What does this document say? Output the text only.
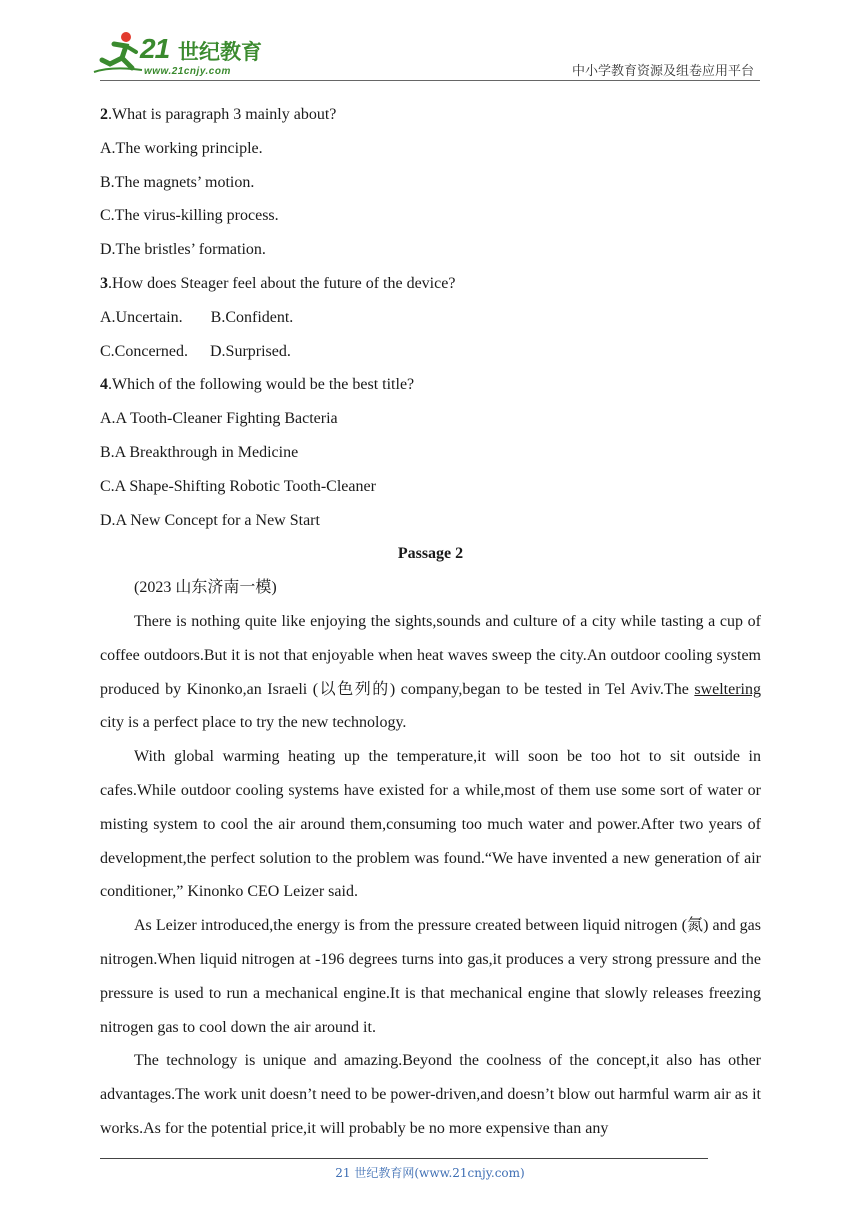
21 世纪教育
www.21cnjy.com	中小学教育资源及组卷应用平台
2.What is paragraph 3 mainly about?
A.The working principle.
B.The magnets’ motion.
C.The virus-killing process.
D.The bristles’ formation.
3.How does Steager feel about the future of the device?
A.Uncertain. B.Confident.
C.Concerned. D.Surprised.
4.Which of the following would be the best title?
A.A Tooth-Cleaner Fighting Bacteria
B.A Breakthrough in Medicine
C.A Shape-Shifting Robotic Tooth-Cleaner
D.A New Concept for a New Start
Passage 2
(2023 山东济南一模)
There is nothing quite like enjoying the sights,sounds and culture of a city while tasting a cup of coffee outdoors.But it is not that enjoyable when heat waves sweep the city.An outdoor cooling system produced by Kinonko,an Israeli (以色列的) company,began to be tested in Tel Aviv.The sweltering city is a perfect place to try the new technology.
With global warming heating up the temperature,it will soon be too hot to sit outside in cafes.While outdoor cooling systems have existed for a while,most of them use some sort of water or misting system to cool the air around them,consuming too much water and power.After two years of development,the perfect solution to the problem was found.“We have invented a new generation of air conditioner,” Kinonko CEO Leizer said.
As Leizer introduced,the energy is from the pressure created between liquid nitrogen (氮) and gas nitrogen.When liquid nitrogen at -196 degrees turns into gas,it produces a very strong pressure and the pressure is used to run a mechanical engine.It is that mechanical engine that slowly releases freezing nitrogen gas to cool down the air around it.
The technology is unique and amazing.Beyond the coolness of the concept,it also has other advantages.The work unit doesn’t need to be power-driven,and doesn’t blow out harmful warm air as it works.As for the potential price,it will probably be no more expensive than any
21 世纪教育网(www.21cnjy.com)
